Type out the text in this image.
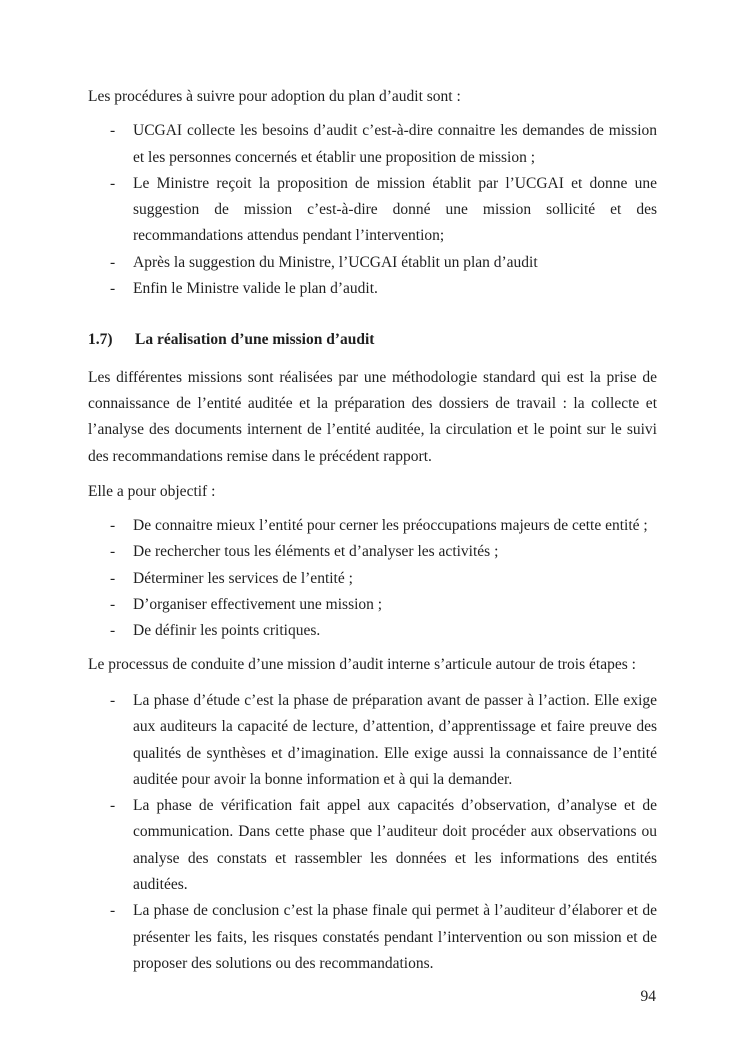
Les procédures à suivre pour adoption du plan d’audit sont :

- UCGAI collecte les besoins d’audit c’est-à-dire connaitre les demandes de mission et les personnes concernés et établir une proposition de mission ;
- Le Ministre reçoit la proposition de mission établit par l’UCGAI et donne une suggestion de mission c’est-à-dire donné une mission sollicité et des recommandations attendus pendant l’intervention;
- Après la suggestion du Ministre, l’UCGAI établit un plan d’audit
- Enfin le Ministre valide le plan d’audit.
1.7) La réalisation d’une mission d’audit

Les différentes missions sont réalisées par une méthodologie standard qui est la prise de connaissance de l’entité auditée et la préparation des dossiers de travail : la collecte et l’analyse des documents internent de l’entité auditée, la circulation et le point sur le suivi des recommandations remise dans le précédent rapport.

Elle a pour objectif :

- De connaitre mieux l’entité pour cerner les préoccupations majeurs de cette entité ;
- De rechercher tous les éléments et d’analyser les activités ;
- Déterminer les services de l’entité ;
- D’organiser effectivement une mission ;
- De définir les points critiques.

Le processus de conduite d’une mission d’audit interne s’articule autour de trois étapes :

- La phase d’étude c’est la phase de préparation avant de passer à l’action. Elle exige aux auditeurs la capacité de lecture, d’attention, d’apprentissage et faire preuve des qualités de synthèses et d’imagination. Elle exige aussi la connaissance de l’entité auditée pour avoir la bonne information et à qui la demander.
- La phase de vérification fait appel aux capacités d’observation, d’analyse et de communication. Dans cette phase que l’auditeur doit procéder aux observations ou analyse des constats et rassembler les données et les informations des entités auditées.
- La phase de conclusion c’est la phase finale qui permet à l’auditeur d’élaborer et de présenter les faits, les risques constatés pendant l’intervention ou son mission et de proposer des solutions ou des recommandations.
94
